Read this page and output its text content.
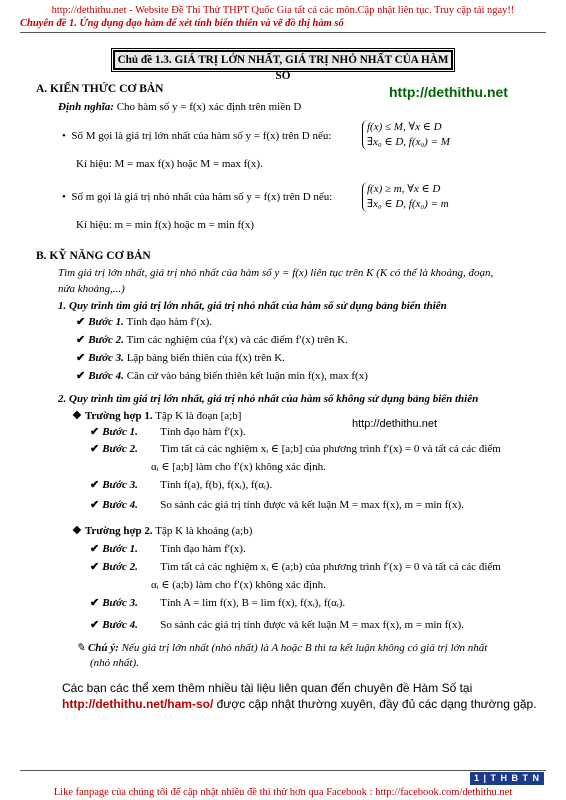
http://dethithu.net - Website Đề Thi Thử THPT Quốc Gia tất cả các môn.Cập nhật liên tục. Truy cập tải ngay!!
Chuyên đề 1. Ứng dụng đạo hàm để xét tính biến thiên và vẽ đồ thị hàm số
Chủ đề 1.3. GIÁ TRỊ LỚN NHẤT, GIÁ TRỊ NHỎ NHẤT CỦA HÀM SỐ
A. KIẾN THỨC CƠ BẢN	http://dethithu.net
Định nghĩa: Cho hàm số y = f(x) xác định trên miền D
•  Số M gọi là giá trị lớn nhất của hàm số y = f(x) trên D nếu:
f(x) ≤ M, ∀x ∈ D
∃x₀ ∈ D, f(x₀) = M
Kí hiệu: M = max f(x) hoặc M = max f(x).
•  Số m gọi là giá trị nhỏ nhất của hàm số y = f(x) trên D nếu:
f(x) ≥ m, ∀x ∈ D
∃x₀ ∈ D, f(x₀) = m
Kí hiệu: m = min f(x) hoặc m = min f(x)
B. KỸ NĂNG CƠ BẢN
Tìm giá trị lớn nhất, giá trị nhỏ nhất của hàm số y = f(x) liên tục trên K (K có thể là khoảng, đoạn,
nửa khoảng,...)
1. Quy trình tìm giá trị lớn nhất, giá trị nhỏ nhất của hàm số sử dụng bảng biến thiên
✔ Bước 1. Tính đạo hàm f′(x).
✔ Bước 2. Tìm các nghiệm của f′(x) và các điểm f′(x) trên K.
✔ Bước 3. Lập bảng biến thiên của f(x) trên K.
✔ Bước 4. Căn cứ vào bảng biến thiên kết luận min f(x), max f(x)
2. Quy trình tìm giá trị lớn nhất, giá trị nhỏ nhất của hàm số không sử dụng bảng biến thiên
❖ Trường hợp 1. Tập K là đoạn [a;b]
http://dethithu.net
✔ Bước 1. Tính đạo hàm f′(x).
✔ Bước 2. Tìm tất cả các nghiệm xᵢ ∈ [a;b] của phương trình f′(x) = 0 và tất cả các điểm
αᵢ ∈ [a;b] làm cho f′(x) không xác định.
✔ Bước 3. Tính f(a), f(b), f(xᵢ), f(αᵢ).
✔ Bước 4. So sánh các giá trị tính được và kết luận M = max f(x), m = min f(x).
❖ Trường hợp 2. Tập K là khoảng (a;b)
✔ Bước 1. Tính đạo hàm f′(x).
✔ Bước 2. Tìm tất cả các nghiệm xᵢ ∈ (a;b) của phương trình f′(x) = 0 và tất cả các điểm
αᵢ ∈ (a;b) làm cho f′(x) không xác định.
✔ Bước 3. Tính A = lim f(x), B = lim f(x), f(xᵢ), f(αᵢ).
✔ Bước 4. So sánh các giá trị tính được và kết luận M = max f(x), m = min f(x).
✎ Chú ý: Nếu giá trị lớn nhất (nhỏ nhất) là A hoặc B thì ta kết luận không có giá trị lớn nhất
(nhỏ nhất).
Các bạn các thể xem thêm nhiều tài liệu liên quan đến chuyên đề Hàm Số tại
http://dethithu.net/ham-so/ được cập nhật thường xuyên, đầy đủ các dạng thường gặp.
1 | T H B T N
Like fanpage của chúng tôi để cập nhật nhiều đề thi thử hơn qua Facebook : http://facebook.com/dethithu.net
